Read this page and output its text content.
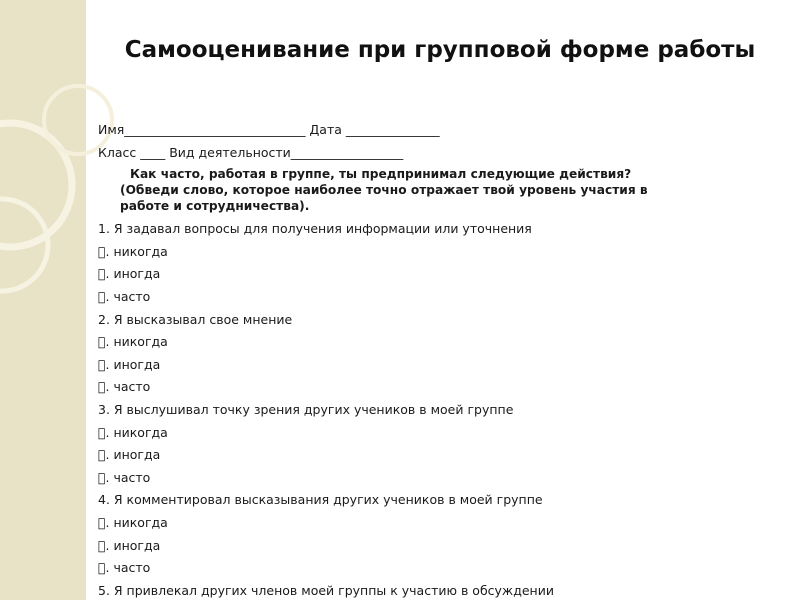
Самооценивание при групповой форме работы
Имя_____________________________ Дата _______________
Класс ____ Вид деятельности__________________
Как часто, работая в группе, ты предпринимал следующие действия?
(Обведи слово, которое наиболее точно отражает твой уровень участия в
работе и сотрудничества).
1. Я задавал вопросы для получения информации или уточнения
. никогда
. иногда
. часто
2. Я высказывал свое мнение
. никогда
. иногда
. часто
3. Я выслушивал точку зрения других учеников в моей группе
. никогда
. иногда
. часто
4. Я комментировал высказывания других учеников в моей группе
. никогда
. иногда
. часто
5. Я привлекал других членов моей группы к участию в обсуждении
